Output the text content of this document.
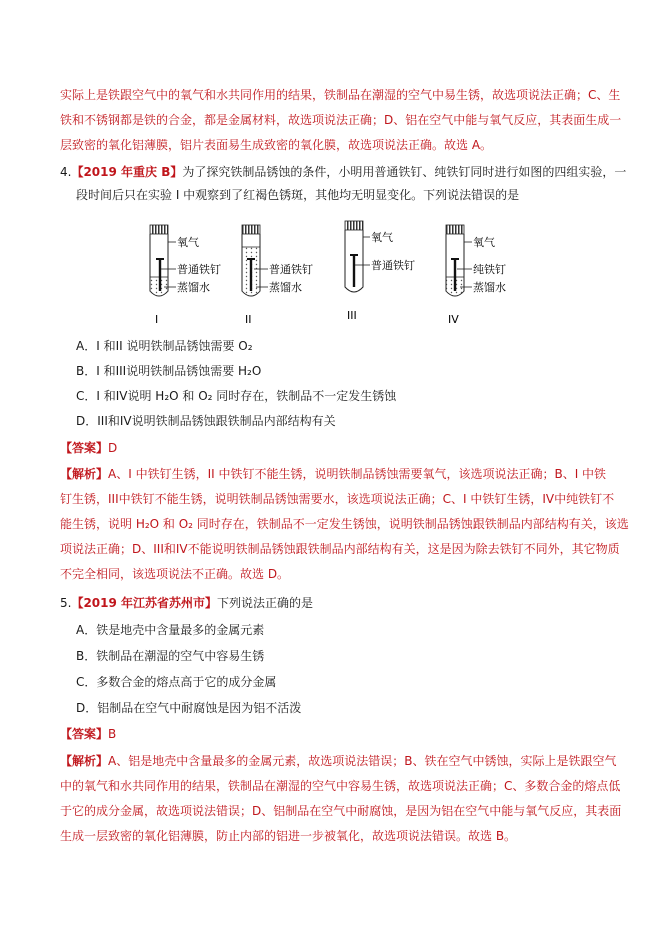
实际上是铁跟空气中的氧气和水共同作用的结果，铁制品在潮湿的空气中易生锈，故选项说法正确；C、生
铁和不锈钢都是铁的合金，都是金属材料，故选项说法正确；D、铝在空气中能与氧气反应，其表面生成一
层致密的氧化铝薄膜，铝片表面易生成致密的氧化膜，故选项说法正确。故选 A。
4.【2019 年重庆 B】为了探究铁制品锈蚀的条件，小明用普通铁钉、纯铁钉同时进行如图的四组实验，一
段时间后只在实验 I 中观察到了红褐色锈斑，其他均无明显变化。下列说法错误的是
氧气
普通铁钉
蒸馏水
I
普通铁钉
蒸馏水
II
氧气
普通铁钉
III
氧气
纯铁钉
蒸馏水
IV
A．I 和II 说明铁制品锈蚀需要 O₂
B．I 和III说明铁制品锈蚀需要 H₂O
C．I 和IV说明 H₂O 和 O₂ 同时存在，铁制品不一定发生锈蚀
D．III和IV说明铁制品锈蚀跟铁制品内部结构有关
【答案】D
【解析】A、I 中铁钉生锈，II 中铁钉不能生锈，说明铁制品锈蚀需要氧气，该选项说法正确；B、I 中铁
钉生锈，III中铁钉不能生锈，说明铁制品锈蚀需要水，该选项说法正确；C、I 中铁钉生锈，IV中纯铁钉不
能生锈，说明 H₂O 和 O₂ 同时存在，铁制品不一定发生锈蚀，说明铁制品锈蚀跟铁制品内部结构有关，该选
项说法正确；D、III和IV不能说明铁制品锈蚀跟铁制品内部结构有关，这是因为除去铁钉不同外，其它物质
不完全相同，该选项说法不正确。故选 D。
5.【2019 年江苏省苏州市】下列说法正确的是
A．铁是地壳中含量最多的金属元素
B．铁制品在潮湿的空气中容易生锈
C．多数合金的熔点高于它的成分金属
D．铝制品在空气中耐腐蚀是因为铝不活泼
【答案】B
【解析】A、铝是地壳中含量最多的金属元素，故选项说法错误；B、铁在空气中锈蚀，实际上是铁跟空气
中的氧气和水共同作用的结果，铁制品在潮湿的空气中容易生锈，故选项说法正确；C、多数合金的熔点低
于它的成分金属，故选项说法错误；D、铝制品在空气中耐腐蚀，是因为铝在空气中能与氧气反应，其表面
生成一层致密的氧化铝薄膜，防止内部的铝进一步被氧化，故选项说法错误。故选 B。
